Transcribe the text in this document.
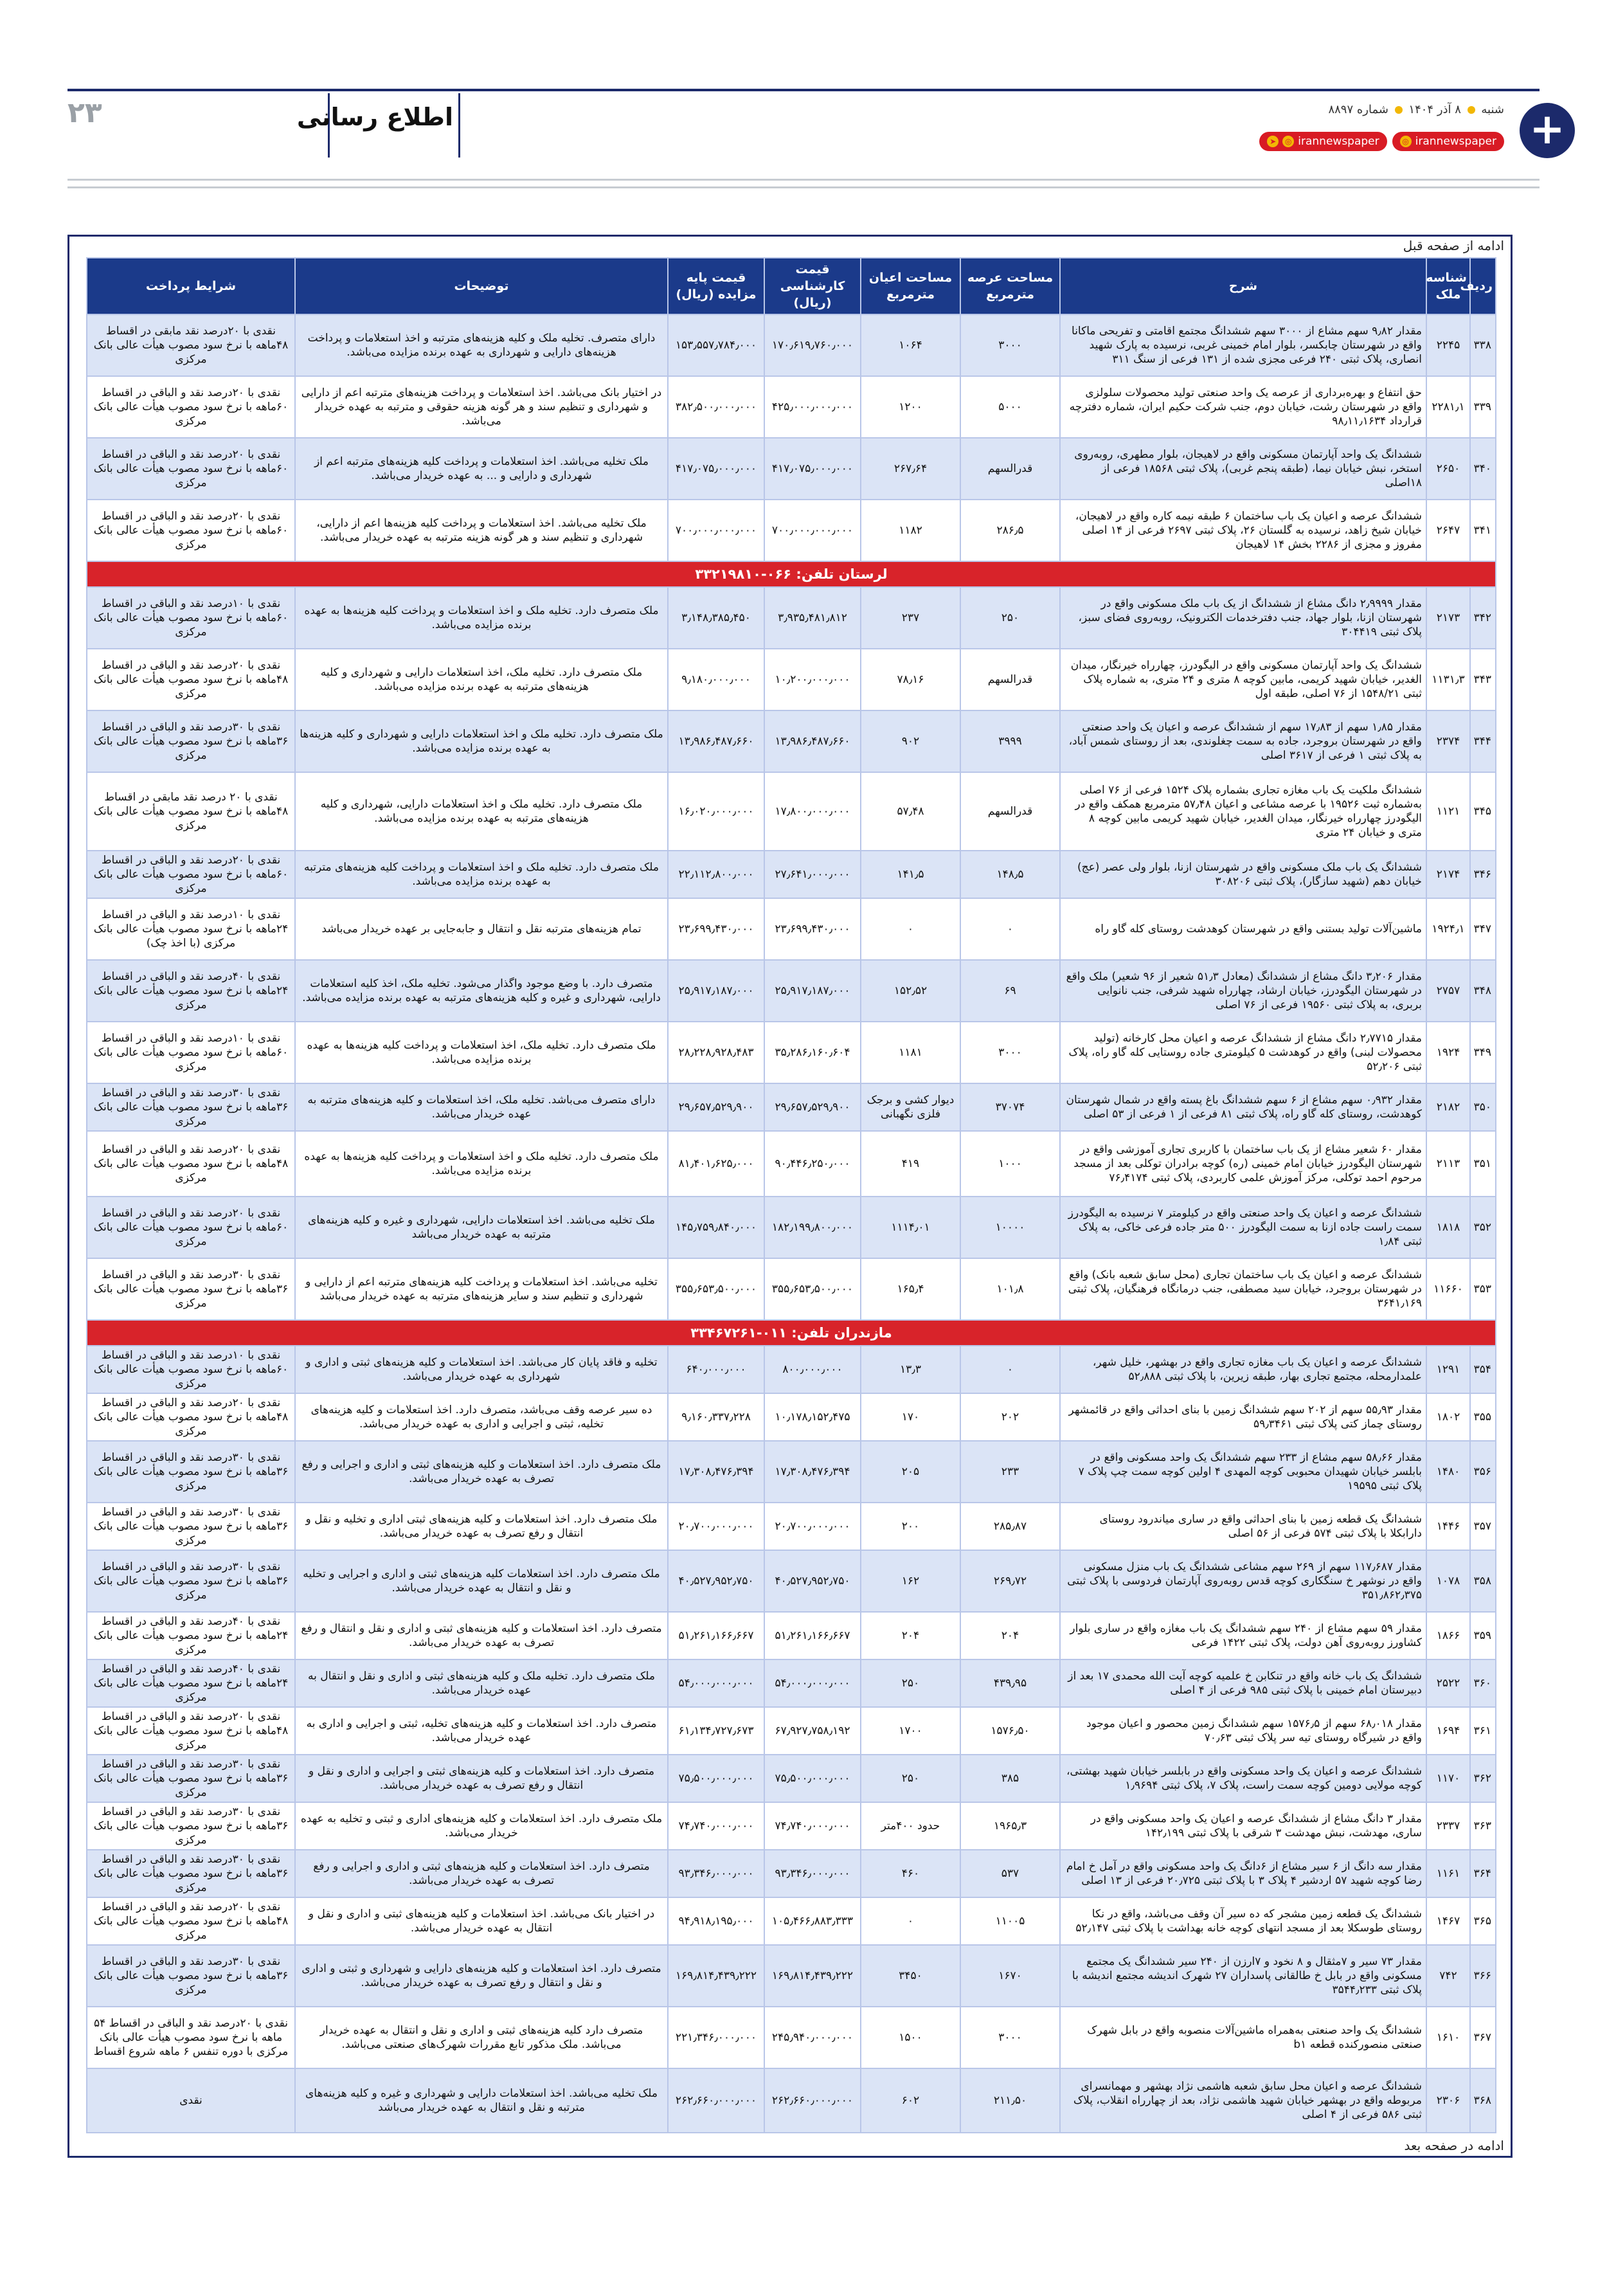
۲۳	اطلاع رسانی	+
شنبه  ۸ آذر ۱۴۰۴  شماره ۸۸۹۷
➤	◎ irannewspaper	◎ irannewspaper
ادامه از صفحه قبل
ردیف	شناسه ملک	شرح	مساحت عرصه مترمربع	مساحت اعیان مترمربع	قیمت کارشناسی (ریال)	قیمت پایه مزایده (ریال)	توضیحات	شرایط پرداخت
۳۳۸	۲۲۴۵	مقدار ۹٫۸۲ سهم مشاع از ۳۰۰۰ سهم ششدانگ مجتمع اقامتی و تفریحی ماکانا واقع در شهرستان چابکسر، بلوار امام خمینی غربی، نرسیده به پارک شهید انصاری، پلاک ثبتی ۲۴۰ فرعی مجزی شده از ۱۳۱ فرعی از سنگ ۳۱۱	۳۰۰۰	۱۰۶۴	۱۷۰٫۶۱۹٫۷۶۰٫۰۰۰	۱۵۳٫۵۵۷٫۷۸۴٫۰۰۰	دارای متصرف. تخلیه ملک و کلیه هزینه‌های مترتبه و اخذ استعلامات و پرداخت هزینه‌های دارایی و شهرداری به عهده برنده مزایده می‌باشد.	نقدی با ۲۰درصد نقد مابقی در اقساط ۴۸ماهه با نرخ سود مصوب هیأت عالی بانک مرکزی
۳۳۹	۲۲۸۱٫۱	حق انتفاع و بهره‌برداری از عرصه یک واحد صنعتی تولید محصولات سلولزی واقع در شهرستان رشت، خیابان دوم، جنب شرکت حکیم ایران، شماره دفترچه قرارداد ۹۸٫۱۱٫۱۶۳۴	۵۰۰۰	۱۲۰۰	۴۲۵٫۰۰۰٫۰۰۰٫۰۰۰	۳۸۲٫۵۰۰٫۰۰۰٫۰۰۰	در اختیار بانک می‌باشد. اخذ استعلامات و پرداخت هزینه‌های مترتبه اعم از دارایی و شهرداری و تنظیم سند و هر گونه هزینه حقوقی و مترتبه به عهده خریدار می‌باشد.	نقدی با ۲۰درصد نقد و الباقی در اقساط ۶۰ماهه با نرخ سود مصوب هیأت عالی بانک مرکزی
۳۴۰	۲۶۵۰	ششدانگ یک واحد آپارتمان مسکونی واقع در لاهیجان، بلوار مطهری، روبه‌روی استخر، نبش خیابان نیما، (طبقه پنجم غربی)، پلاک ثبتی ۱۸۵۶۸ فرعی از ۱۸اصلی	قدرالسهم	۲۶۷٫۶۴	۴۱۷٫۰۷۵٫۰۰۰٫۰۰۰	۴۱۷٫۰۷۵٫۰۰۰٫۰۰۰	ملک تخلیه می‌باشد. اخذ استعلامات و پرداخت کلیه هزینه‌های مترتبه اعم از شهرداری و دارایی و ... به عهده خریدار می‌باشد.	نقدی با ۲۰درصد نقد و الباقی در اقساط ۶۰ماهه با نرخ سود مصوب هیأت عالی بانک مرکزی
۳۴۱	۲۶۴۷	ششدانگ عرصه و اعیان یک باب ساختمان ۶ طبقه نیمه کاره واقع در لاهیجان، خیابان شیخ زاهد، نرسیده به گلستان ۲۶، پلاک ثبتی ۲۶۹۷ فرعی از ۱۴ اصلی مفروز و مجزی از ۲۲۸۶ بخش ۱۴ لاهیجان	۲۸۶٫۵	۱۱۸۲	۷۰۰٫۰۰۰٫۰۰۰٫۰۰۰	۷۰۰٫۰۰۰٫۰۰۰٫۰۰۰	ملک تخلیه می‌باشد. اخذ استعلامات و پرداخت کلیه هزینه‌ها اعم از دارایی، شهرداری و تنظیم سند و هر گونه هزینه مترتبه به عهده خریدار می‌باشد.	نقدی با ۲۰درصد نقد و الباقی در اقساط ۶۰ماهه با نرخ سود مصوب هیأت عالی بانک مرکزی
لرستان تلفن: ۰۶۶-۳۳۲۱۹۸۱۰								
۳۴۲	۲۱۷۳	مقدار ۲٫۹۹۹۹ دانگ مشاع از ششدانگ از یک باب ملک مسکونی واقع در شهرستان ازنا، بلوار جهاد، جنب دفترخدمات الکترونیک، روبه‌روی فضای سبز، پلاک ثبتی ۳۰۴۴۱۹	۲۵۰	۲۳۷	۳٫۹۳۵٫۴۸۱٫۸۱۲	۳٫۱۴۸٫۳۸۵٫۴۵۰	ملک متصرف دارد. تخلیه ملک و اخذ استعلامات و پرداخت کلیه هزینه‌ها به عهده برنده مزایده می‌باشد.	نقدی با ۱۰درصد نقد و الباقی در اقساط ۶۰ماهه با نرخ سود مصوب هیأت عالی بانک مرکزی
۳۴۳	۱۱۳۱٫۳	ششدانگ یک واحد آپارتمان مسکونی واقع در الیگودرز، چهارراه خیرنگار، میدان الغدیر، خیابان شهید کریمی، مابین کوچه ۸ متری و ۲۴ متری، به شماره پلاک ثبتی ۱۵۴۸/۲۱ از ۷۶ اصلی، طبقه اول	قدرالسهم	۷۸٫۱۶	۱۰٫۲۰۰٫۰۰۰٫۰۰۰	۹٫۱۸۰٫۰۰۰٫۰۰۰	ملک متصرف دارد. تخلیه ملک، اخذ استعلامات دارایی و شهرداری و کلیه هزینه‌های مترتبه به عهده برنده مزایده می‌باشد.	نقدی با ۲۰درصد نقد و الباقی در اقساط ۴۸ماهه با نرخ سود مصوب هیأت عالی بانک مرکزی
۳۴۴	۲۳۷۴	مقدار ۱٫۸۵ سهم از ۱۷٫۸۳ سهم از ششدانگ عرصه و اعیان یک واحد صنعتی واقع در شهرستان بروجرد، جاده به سمت چغلوندی، بعد از روستای شمس آباد، به پلاک ثبتی ۱ فرعی از ۳۶۱۷ اصلی	۳۹۹۹	۹۰۲	۱۳٫۹۸۶٫۴۸۷٫۶۶۰	۱۳٫۹۸۶٫۴۸۷٫۶۶۰	ملک متصرف دارد. تخلیه ملک و اخذ استعلامات دارایی و شهرداری و کلیه هزینه‌ها به عهده برنده مزایده می‌باشد.	نقدی با ۳۰درصد نقد و الباقی در اقساط ۳۶ماهه با نرخ سود مصوب هیأت عالی بانک مرکزی
۳۴۵	۱۱۲۱	ششدانگ ملکیت یک باب مغازه تجاری بشماره پلاک ۱۵۲۴ فرعی از ۷۶ اصلی به‌شماره ثبت ۱۹۵۲۶ با عرصه مشاعی و اعیان ۵۷٫۴۸ مترمربع همکف واقع در الیگودرز چهارراه خیرنگار، میدان الغدیر، خیابان شهید کریمی مابین کوچه ۸ متری و خیابان ۲۴ متری	قدرالسهم	۵۷٫۴۸	۱۷٫۸۰۰٫۰۰۰٫۰۰۰	۱۶٫۰۲۰٫۰۰۰٫۰۰۰	ملک متصرف دارد. تخلیه ملک و اخذ استعلامات دارایی، شهرداری و کلیه هزینه‌های مترتبه به عهده برنده مزایده می‌باشد.	نقدی با ۲۰ درصد نقد مابقی در اقساط ۴۸ماهه با نرخ سود مصوب هیأت عالی بانک مرکزی
۳۴۶	۲۱۷۴	ششدانگ یک باب ملک مسکونی واقع در شهرستان ازنا، بلوار ولی عصر (عج) خیابان دهم (شهید سازگار)، پلاک ثبتی ۳۰۸۲۰۶	۱۴۸٫۵	۱۴۱٫۵	۲۷٫۶۴۱٫۰۰۰٫۰۰۰	۲۲٫۱۱۲٫۸۰۰٫۰۰۰	ملک متصرف دارد. تخلیه ملک و اخذ استعلامات و پرداخت کلیه هزینه‌های مترتبه به عهده برنده مزایده می‌باشد.	نقدی با ۲۰درصد نقد و الباقی در اقساط ۶۰ماهه با نرخ سود مصوب هیأت عالی بانک مرکزی
۳۴۷	۱۹۲۴٫۱	ماشین‌آلات تولید بستنی واقع در شهرستان کوهدشت روستای کله گاو راه	۰	۰	۲۳٫۶۹۹٫۴۳۰٫۰۰۰	۲۳٫۶۹۹٫۴۳۰٫۰۰۰	تمام هزینه‌های مترتبه نقل و انتقال و جابه‌جایی بر عهده خریدار می‌باشد	نقدی با ۱۰درصد نقد و الباقی در اقساط ۲۴ماهه با نرخ سود مصوب هیأت عالی بانک مرکزی (با اخذ چک)
۳۴۸	۲۷۵۷	مقدار ۳٫۲۰۶ دانگ مشاع از ششدانگ (معادل ۵۱٫۳ شعیر از ۹۶ شعیر) ملک واقع در شهرستان الیگودرز، خیابان ارشاد، چهارراه شهید شرفی، جنب نانوایی بربری، به پلاک ثبتی ۱۹۵۶۰ فرعی از ۷۶ اصلی	۶۹	۱۵۲٫۵۲	۲۵٫۹۱۷٫۱۸۷٫۰۰۰	۲۵٫۹۱۷٫۱۸۷٫۰۰۰	متصرف دارد. با وضع موجود واگذار می‌شود. تخلیه ملک، اخذ کلیه استعلامات دارایی، شهرداری و غیره و کلیه هزینه‌های مترتبه به عهده برنده مزایده می‌باشد.	نقدی با ۴۰درصد نقد و الباقی در اقساط ۲۴ماهه با نرخ سود مصوب هیأت عالی بانک مرکزی
۳۴۹	۱۹۲۴	مقدار ۲٫۷۷۱۵ دانگ مشاع از ششدانگ عرصه و اعیان محل کارخانه (تولید محصولات لبنی) واقع در کوهدشت ۵ کیلومتری جاده روستایی کله گاو راه، پلاک ثبتی ۵۲٫۲۰۶	۳۰۰۰	۱۱۸۱	۳۵٫۲۸۶٫۱۶۰٫۶۰۴	۲۸٫۲۲۸٫۹۲۸٫۴۸۳	ملک متصرف دارد. تخلیه ملک، اخذ استعلامات و پرداخت کلیه هزینه‌ها به عهده برنده مزایده می‌باشد.	نقدی با ۱۰درصد نقد و الباقی در اقساط ۶۰ماهه با نرخ سود مصوب هیأت عالی بانک مرکزی
۳۵۰	۲۱۸۲	مقدار ۰٫۹۳۲ سهم مشاع از ۶ سهم ششدانگ باغ پسته واقع در شمال شهرستان کوهدشت، روستای کله گاو راه، پلاک ثبتی ۸۱ فرعی از ۱ فرعی از ۵۳ اصلی	۳۷۰۷۴	دیوار کشی و برجک فلزی نگهبانی	۲۹٫۶۵۷٫۵۲۹٫۹۰۰	۲۹٫۶۵۷٫۵۲۹٫۹۰۰	دارای متصرف می‌باشد. تخلیه ملک، اخذ استعلامات و کلیه هزینه‌های مترتبه به عهده خریدار می‌باشد.	نقدی با ۳۰درصد نقد و الباقی در اقساط ۳۶ماهه با نرخ سود مصوب هیأت عالی بانک مرکزی
۳۵۱	۲۱۱۳	مقدار ۶۰ شعیر مشاع از یک باب ساختمان با کاربری تجاری آموزشی واقع در شهرستان الیگودرز خیابان امام خمینی (ره) کوچه برادران توکلی بعد از مسجد مرحوم احمد توکلی، مرکز آموزش علمی کاربردی، پلاک ثبتی ۷۶٫۴۱۷۴	۱۰۰۰	۴۱۹	۹۰٫۴۴۶٫۲۵۰٫۰۰۰	۸۱٫۴۰۱٫۶۲۵٫۰۰۰	ملک متصرف دارد. تخلیه ملک و اخذ استعلامات و پرداخت کلیه هزینه‌ها به عهده برنده مزایده می‌باشد.	نقدی با ۲۰درصد نقد و الباقی در اقساط ۴۸ماهه با نرخ سود مصوب هیأت عالی بانک مرکزی
۳۵۲	۱۸۱۸	ششدانگ عرصه و اعیان یک واحد صنعتی واقع در کیلومتر ۷ نرسیده به الیگودرز سمت راست جاده ازنا به سمت الیگودرز ۵۰۰ متر جاده فرعی خاکی، به پلاک ثبتی ۱٫۸۴	۱۰۰۰۰	۱۱۱۴٫۰۱	۱۸۲٫۱۹۹٫۸۰۰٫۰۰۰	۱۴۵٫۷۵۹٫۸۴۰٫۰۰۰	ملک تخلیه می‌باشد. اخذ استعلامات دارایی، شهرداری و غیره و کلیه هزینه‌های مترتبه به عهده خریدار می‌باشد	نقدی با ۲۰درصد نقد و الباقی در اقساط ۶۰ماهه با نرخ سود مصوب هیأت عالی بانک مرکزی
۳۵۳	۱۱۶۶۰	ششدانگ عرصه و اعیان یک باب ساختمان تجاری (محل سابق شعبه بانک) واقع در شهرستان بروجرد، خیابان سید مصطفی، جنب درمانگاه فرهنگیان، پلاک ثبتی ۳۶۴۱٫۱۶۹	۱۰۱٫۸	۱۶۵٫۴	۳۵۵٫۶۵۳٫۵۰۰٫۰۰۰	۳۵۵٫۶۵۳٫۵۰۰٫۰۰۰	تخلیه می‌باشد. اخذ استعلامات و پرداخت کلیه هزینه‌های مترتبه اعم از دارایی و شهرداری و تنظیم سند و سایر هزینه‌های مترتبه به عهده خریدار می‌باشد	نقدی با ۳۰درصد نقد و الباقی در اقساط ۳۶ماهه با نرخ سود مصوب هیأت عالی بانک مرکزی
مازندران تلفن: ۰۱۱-۳۳۴۶۷۲۶۱								
۳۵۴	۱۲۹۱	ششدانگ عرصه و اعیان یک باب مغازه تجاری واقع در بهشهر، خلیل شهر، علمدارمحله، مجتمع تجاری بهار، طبقه زیرین، با پلاک ثبتی ۵۲٫۸۸۸	۰	۱۳٫۳	۸۰۰٫۰۰۰٫۰۰۰	۶۴۰٫۰۰۰٫۰۰۰	تخلیه و فاقد پایان کار می‌باشد. اخذ استعلامات و کلیه هزینه‌های ثبتی و اداری و شهرداری به عهده خریدار می‌باشد.	نقدی با ۱۰درصد نقد و الباقی در اقساط ۶۰ماهه با نرخ سود مصوب هیأت عالی بانک مرکزی
۳۵۵	۱۸۰۲	مقدار ۵۵٫۹۳ سهم از ۲۰۲ سهم ششدانگ زمین با بنای احداثی واقع در قائمشهر روستای چماز کتی پلاک ثبتی ۵۹٫۳۴۶۱	۲۰۲	۱۷۰	۱۰٫۱۷۸٫۱۵۲٫۴۷۵	۹٫۱۶۰٫۳۳۷٫۲۲۸	ده سیر عرصه وقف می‌باشد، متصرف دارد. اخذ استعلامات و کلیه هزینه‌های تخلیه، ثبتی و اجرایی و اداری به عهده خریدار می‌باشد.	نقدی با ۲۰درصد نقد و الباقی در اقساط ۴۸ماهه با نرخ سود مصوب هیأت عالی بانک مرکزی
۳۵۶	۱۴۸۰	مقدار ۵۸٫۶۶ سهم مشاع از ۲۳۳ سهم ششدانگ یک واحد مسکونی واقع در بابلسر خیابان شهیدان محبوبی کوچه المهدی ۴ اولین کوچه سمت چپ پلاک ۷ پلاک ثبتی ۱۹۵۹۵	۲۳۳	۲۰۵	۱۷٫۳۰۸٫۴۷۶٫۳۹۴	۱۷٫۳۰۸٫۴۷۶٫۳۹۴	ملک متصرف دارد. اخذ استعلامات و کلیه هزینه‌های ثبتی و اداری و اجرایی و رفع تصرف به عهده خریدار می‌باشد.	نقدی با ۳۰درصد نقد و الباقی در اقساط ۳۶ماهه با نرخ سود مصوب هیأت عالی بانک مرکزی
۳۵۷	۱۴۴۶	ششدانگ یک قطعه زمین با بنای احداثی واقع در ساری میاندرود روستای دارابکلا با پلاک ثبتی ۵۷۴ فرعی از ۵۶ اصلی	۲۸۵٫۸۷	۲۰۰	۲۰٫۷۰۰٫۰۰۰٫۰۰۰	۲۰٫۷۰۰٫۰۰۰٫۰۰۰	ملک متصرف دارد. اخذ استعلامات و کلیه هزینه‌های ثبتی اداری و تخلیه و نقل و انتقال و رفع تصرف به عهده خریدار می‌باشد.	نقدی با ۳۰درصد نقد و الباقی در اقساط ۳۶ماهه با نرخ سود مصوب هیأت عالی بانک مرکزی
۳۵۸	۱۰۷۸	مقدار ۱۱۷٫۶۸۷ سهم از ۲۶۹ سهم مشاعی ششدانگ یک باب منزل مسکونی واقع در نوشهر خ سنگکاری کوچه قدس روبه‌روی آپارتمان فردوسی با پلاک ثبتی ۳۵۱٫۸۶۲٫۳۷۵	۲۶۹٫۷۲	۱۶۲	۴۰٫۵۲۷٫۹۵۲٫۷۵۰	۴۰٫۵۲۷٫۹۵۲٫۷۵۰	ملک متصرف دارد. اخذ استعلامات کلیه هزینه‌های ثبتی و اداری و اجرایی و تخلیه و نقل و انتقال به عهده خریدار می‌باشد.	نقدی با ۳۰درصد نقد و الباقی در اقساط ۳۶ماهه با نرخ سود مصوب هیأت عالی بانک مرکزی
۳۵۹	۱۸۶۶	مقدار ۵۹ سهم مشاع از ۲۴۰ سهم ششدانگ یک باب مغازه واقع در ساری بلوار کشاورز روبه‌روی آهن دولت، پلاک ثبتی ۱۴۲۲ فرعی	۲۰۴	۲۰۴	۵۱٫۲۶۱٫۱۶۶٫۶۶۷	۵۱٫۲۶۱٫۱۶۶٫۶۶۷	متصرف دارد. اخذ استعلامات و کلیه هزینه‌های ثبتی و اداری و نقل و انتقال و رفع تصرف به عهده خریدار می‌باشد.	نقدی با ۴۰درصد نقد و الباقی در اقساط ۲۴ماهه با نرخ سود مصوب هیأت عالی بانک مرکزی
۳۶۰	۲۵۲۲	ششدانگ یک باب خانه واقع در تنکابن خ علمیه کوچه آیت الله محمدی ۱۷ بعد از دبیرستان امام خمینی با پلاک ثبتی ۹۸۵ فرعی از ۴ اصلی	۴۳۹٫۹۵	۲۵۰	۵۴٫۰۰۰٫۰۰۰٫۰۰۰	۵۴٫۰۰۰٫۰۰۰٫۰۰۰	ملک متصرف دارد. تخلیه ملک و کلیه هزینه‌های ثبتی و اداری و نقل و انتقال به عهده خریدار می‌باشد.	نقدی با ۴۰درصد نقد و الباقی در اقساط ۲۴ماهه با نرخ سود مصوب هیأت عالی بانک مرکزی
۳۶۱	۱۶۹۴	مقدار ۶۸٫۰۱۸ سهم از ۱۵۷۶٫۵ سهم ششدانگ زمین محصور و اعیان موجود واقع در شیرگاه روستای تیه سر پلاک ثبتی ۷۰٫۶۳	۱۵۷۶٫۵۰	۱۷۰۰	۶۷٫۹۲۷٫۷۵۸٫۱۹۲	۶۱٫۱۳۴٫۷۲۷٫۶۷۳	متصرف دارد. اخذ استعلامات و کلیه هزینه‌های تخلیه، ثبتی و اجرایی و اداری به عهده خریدار می‌باشد.	نقدی با ۲۰درصد نقد و الباقی در اقساط ۴۸ماهه با نرخ سود مصوب هیأت عالی بانک مرکزی
۳۶۲	۱۱۷۰	ششدانگ عرصه و اعیان یک واحد مسکونی واقع در بابلسر خیابان شهید بهشتی، کوچه مولایی دومین کوچه سمت راست، پلاک ۷، پلاک ثبتی ۱٫۹۶۹۴	۳۸۵	۲۵۰	۷۵٫۵۰۰٫۰۰۰٫۰۰۰	۷۵٫۵۰۰٫۰۰۰٫۰۰۰	متصرف دارد. اخذ استعلامات و کلیه هزینه‌های ثبتی و اجرایی و اداری و نقل و انتقال و رفع تصرف به عهده خریدار می‌باشد.	نقدی با ۳۰درصد نقد و الباقی در اقساط ۳۶ماهه با نرخ سود مصوب هیأت عالی بانک مرکزی
۳۶۳	۲۳۳۷	مقدار ۳ دانگ مشاع از ششدانگ عرصه و اعیان یک واحد مسکونی واقع در ساری، مهدشت، نبش مهدشت ۳ شرقی با پلاک ثبتی ۱۴۲٫۱۹۹	۱۹۶۵٫۳	حدود ۴۰۰متر	۷۴٫۷۴۰٫۰۰۰٫۰۰۰	۷۴٫۷۴۰٫۰۰۰٫۰۰۰	ملک متصرف دارد. اخذ استعلامات و کلیه هزینه‌های اداری و ثبتی و تخلیه به عهده خریدار می‌باشد.	نقدی با ۳۰درصد نقد و الباقی در اقساط ۳۶ماهه با نرخ سود مصوب هیأت عالی بانک مرکزی
۳۶۴	۱۱۶۱	مقدار سه دانگ از ۶ سیر مشاع از ۶دانگ یک واحد مسکونی واقع در آمل خ امام رضا کوچه شهید ۵۷ اردشیر ۴ پلاک ۳ با پلاک ثبتی ۲۰٫۷۲۵ فرعی از ۱۳ اصلی	۵۳۷	۴۶۰	۹۳٫۳۴۶٫۰۰۰٫۰۰۰	۹۳٫۳۴۶٫۰۰۰٫۰۰۰	متصرف دارد. اخذ استعلامات و کلیه هزینه‌های ثبتی و اداری و اجرایی و رفع تصرف به عهده خریدار می‌باشد.	نقدی با ۳۰درصد نقد و الباقی در اقساط ۳۶ماهه با نرخ سود مصوب هیأت عالی بانک مرکزی
۳۶۵	۱۴۶۷	ششدانگ یک قطعه زمین مشجر که ده سیر آن وقف می‌باشد، واقع در نکا روستای طوسکلا بعد از مسجد انتهای کوچه خانه بهداشت با پلاک ثبتی ۵۲٫۱۴۷	۱۱۰۰۵	۰	۱۰۵٫۴۶۶٫۸۸۳٫۳۳۳	۹۴٫۹۱۸٫۱۹۵٫۰۰۰	در اختیار بانک می‌باشد. اخذ استعلامات و کلیه هزینه‌های ثبتی و اداری و نقل و انتقال به عهده خریدار می‌باشد.	نقدی با ۲۰درصد نقد و الباقی در اقساط ۴۸ماهه با نرخ سود مصوب هیأت عالی بانک مرکزی
۳۶۶	۷۴۲	مقدار ۷۳ سیر و ۷مثقال و ۸ نخود و ۷ارزن از ۲۴۰ سیر ششدانگ یک مجتمع مسکونی واقع در بابل خ طالقانی پاسداران ۲۷ شهرک اندیشه مجتمع اندیشه با پلاک ثبتی ۳۵۴۴٫۲۳۳	۱۶۷۰	۳۴۵۰	۱۶۹٫۸۱۴٫۴۳۹٫۲۲۲	۱۶۹٫۸۱۴٫۴۳۹٫۲۲۲	متصرف دارد. اخذ استعلامات و کلیه هزینه‌های دارایی و شهرداری و ثبتی و اداری و نقل و انتقال و رفع تصرف به عهده خریدار می‌باشد.	نقدی با ۳۰درصد نقد و الباقی در اقساط ۳۶ماهه با نرخ سود مصوب هیأت عالی بانک مرکزی
۳۶۷	۱۶۱۰	ششدانگ یک واحد صنعتی به‌همراه ماشین‌آلات منصوبه واقع در بابل شهرک صنعتی منصورکنده قطعه b۱	۳۰۰۰	۱۵۰۰	۲۴۵٫۹۴۰٫۰۰۰٫۰۰۰	۲۲۱٫۳۴۶٫۰۰۰٫۰۰۰	متصرف دارد کلیه هزینه‌های ثبتی و اداری و نقل و انتقال به عهده خریدار می‌باشد. ملک مذکور تابع مقررات شهرک‌های صنعتی می‌باشد.	نقدی با ۲۰درصد نقد و الباقی در اقساط ۵۴ ماهه با نرخ سود مصوب هیأت عالی بانک مرکزی با دوره تنفس ۶ ماهه شروع اقساط
۳۶۸	۲۳۰۶	ششدانگ عرصه و اعیان محل سابق شعبه هاشمی نژاد بهشهر و مهمانسرای مربوطه واقع در بهشهر خیابان شهید هاشمی نژاد، بعد از چهارراه انقلاب، پلاک ثبتی ۵۸۶ فرعی از ۴ اصلی	۲۱۱٫۵۰	۶۰۲	۲۶۲٫۶۶۰٫۰۰۰٫۰۰۰	۲۶۲٫۶۶۰٫۰۰۰٫۰۰۰	ملک تخلیه می‌باشد. اخذ استعلامات دارایی و شهرداری و غیره و کلیه هزینه‌های مترتبه و نقل و انتقال به عهده خریدار می‌باشد	نقدی
ادامه در صفحه بعد
